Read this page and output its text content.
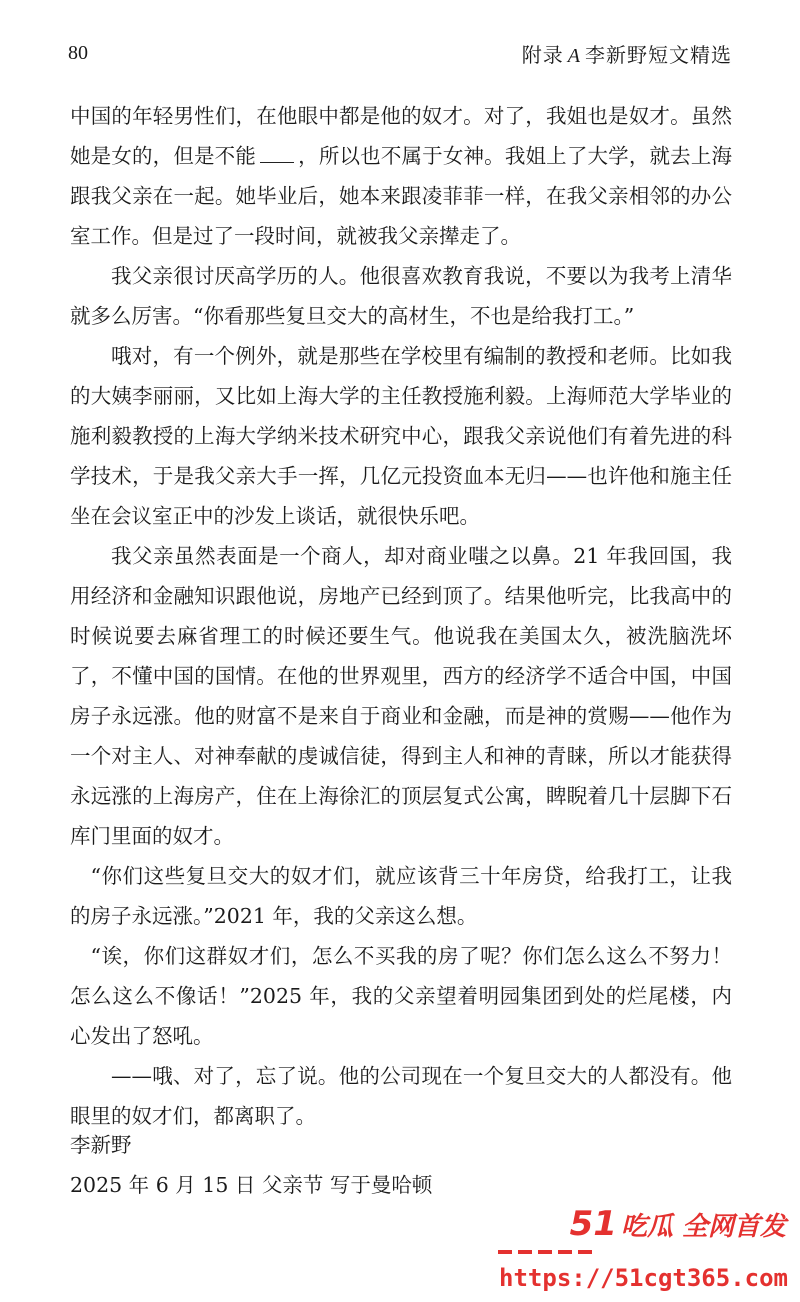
80	附录 A 李新野短文精选

中国的年轻男性们，在他眼中都是他的奴才。对了，我姐也是奴才。虽然她是女的，但是不能 ，所以也不属于女神。我姐上了大学，就去上海跟我父亲在一起。她毕业后，她本来跟凌菲菲一样，在我父亲相邻的办公室工作。但是过了一段时间，就被我父亲撵走了。

我父亲很讨厌高学历的人。他很喜欢教育我说，不要以为我考上清华就多么厉害。“你看那些复旦交大的高材生，不也是给我打工。”

哦对，有一个例外，就是那些在学校里有编制的教授和老师。比如我的大姨李丽丽，又比如上海大学的主任教授施利毅。上海师范大学毕业的施利毅教授的上海大学纳米技术研究中心，跟我父亲说他们有着先进的科学技术，于是我父亲大手一挥，几亿元投资血本无归——也许他和施主任坐在会议室正中的沙发上谈话，就很快乐吧。

我父亲虽然表面是一个商人，却对商业嗤之以鼻。21 年我回国，我用经济和金融知识跟他说，房地产已经到顶了。结果他听完，比我高中的时候说要去麻省理工的时候还要生气。他说我在美国太久，被洗脑洗坏了，不懂中国的国情。在他的世界观里，西方的经济学不适合中国，中国房子永远涨。他的财富不是来自于商业和金融，而是神的赏赐——他作为一个对主人、对神奉献的虔诚信徒，得到主人和神的青睐，所以才能获得永远涨的上海房产，住在上海徐汇的顶层复式公寓，睥睨着几十层脚下石库门里面的奴才。

“你们这些复旦交大的奴才们，就应该背三十年房贷，给我打工，让我的房子永远涨。”2021 年，我的父亲这么想。

“诶，你们这群奴才们，怎么不买我的房了呢？你们怎么这么不努力！怎么这么不像话！”2025 年，我的父亲望着明园集团到处的烂尾楼，内心发出了怒吼。

——哦、对了，忘了说。他的公司现在一个复旦交大的人都没有。他眼里的奴才们，都离职了。

李新野
2025 年 6 月 15 日 父亲节 写于曼哈顿
51 吃瓜 全网首发
https://51cgt365.com
